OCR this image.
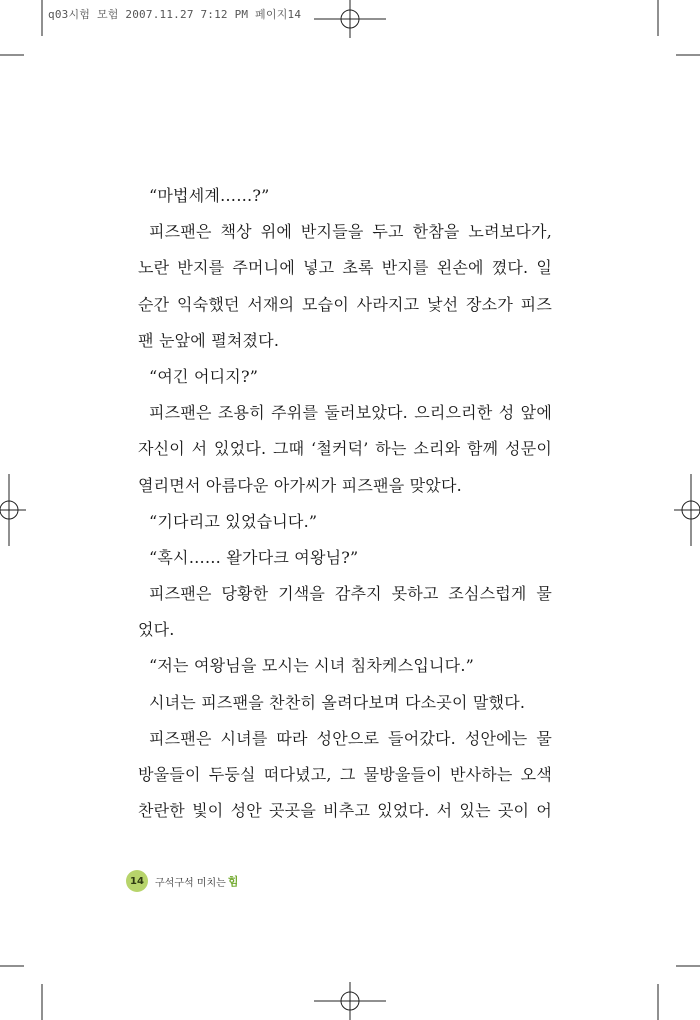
q03시험 모험 2007.11.27 7:12 PM 페이지14
“마법세계……?”
피즈팬은 책상 위에 반지들을 두고 한참을 노려보다가,
노란 반지를 주머니에 넣고 초록 반지를 왼손에 꼈다. 일
순간 익숙했던 서재의 모습이 사라지고 낯선 장소가 피즈
팬 눈앞에 펼쳐졌다.
“여긴 어디지?”
피즈팬은 조용히 주위를 둘러보았다. 으리으리한 성 앞에
자신이 서 있었다. 그때 ‘철커덕’ 하는 소리와 함께 성문이
열리면서 아름다운 아가씨가 피즈팬을 맞았다.
“기다리고 있었습니다.”
“혹시…… 왈가다크 여왕님?”
피즈팬은 당황한 기색을 감추지 못하고 조심스럽게 물
었다.
“저는 여왕님을 모시는 시녀 침차케스입니다.”
시녀는 피즈팬을 찬찬히 올려다보며 다소곳이 말했다.
피즈팬은 시녀를 따라 성안으로 들어갔다. 성안에는 물
방울들이 두둥실 떠다녔고, 그 물방울들이 반사하는 오색
찬란한 빛이 성안 곳곳을 비추고 있었다. 서 있는 곳이 어
14	구석구석 미치는 힘
